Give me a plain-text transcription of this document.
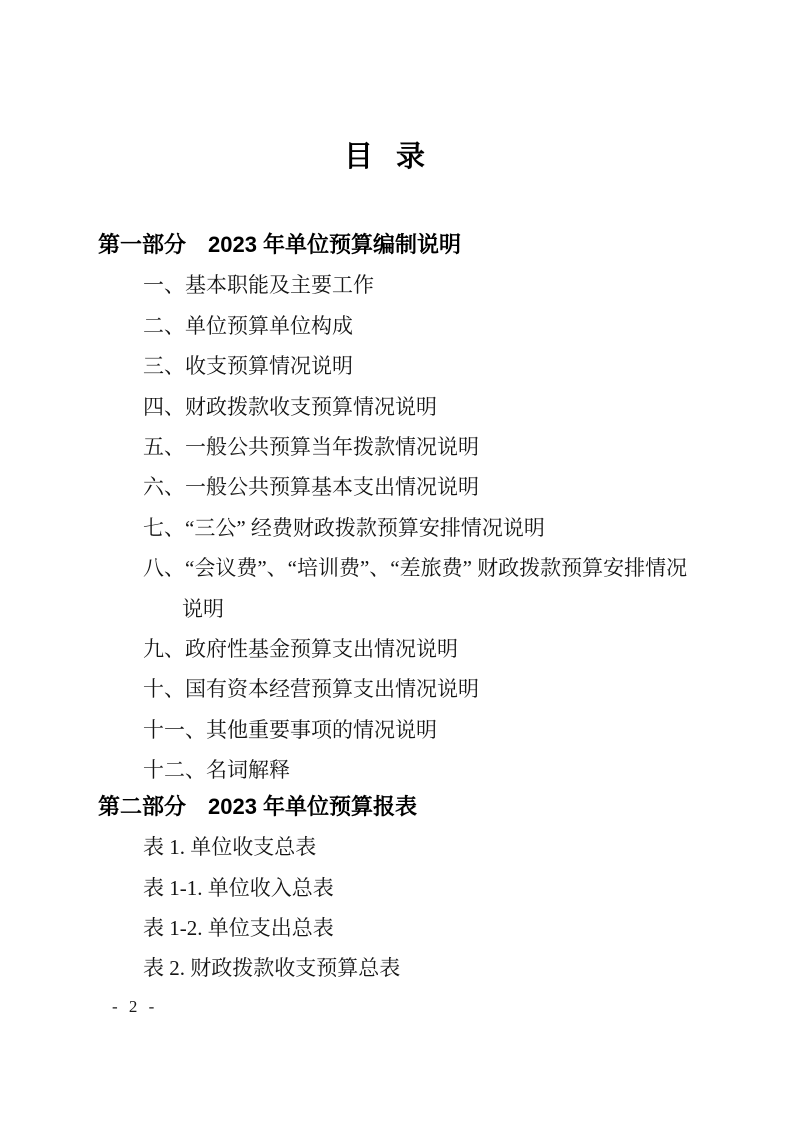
目 录
第一部分　2023 年单位预算编制说明
一、基本职能及主要工作
二、单位预算单位构成
三、收支预算情况说明
四、财政拨款收支预算情况说明
五、一般公共预算当年拨款情况说明
六、一般公共预算基本支出情况说明
七、“三公” 经费财政拨款预算安排情况说明
八、“会议费”、“培训费”、“差旅费” 财政拨款预算安排情况
说明
九、政府性基金预算支出情况说明
十、国有资本经营预算支出情况说明
十一、其他重要事项的情况说明
十二、名词解释
第二部分　2023 年单位预算报表
表 1. 单位收支总表
表 1-1. 单位收入总表
表 1-2. 单位支出总表
表 2. 财政拨款收支预算总表
- 2 -
